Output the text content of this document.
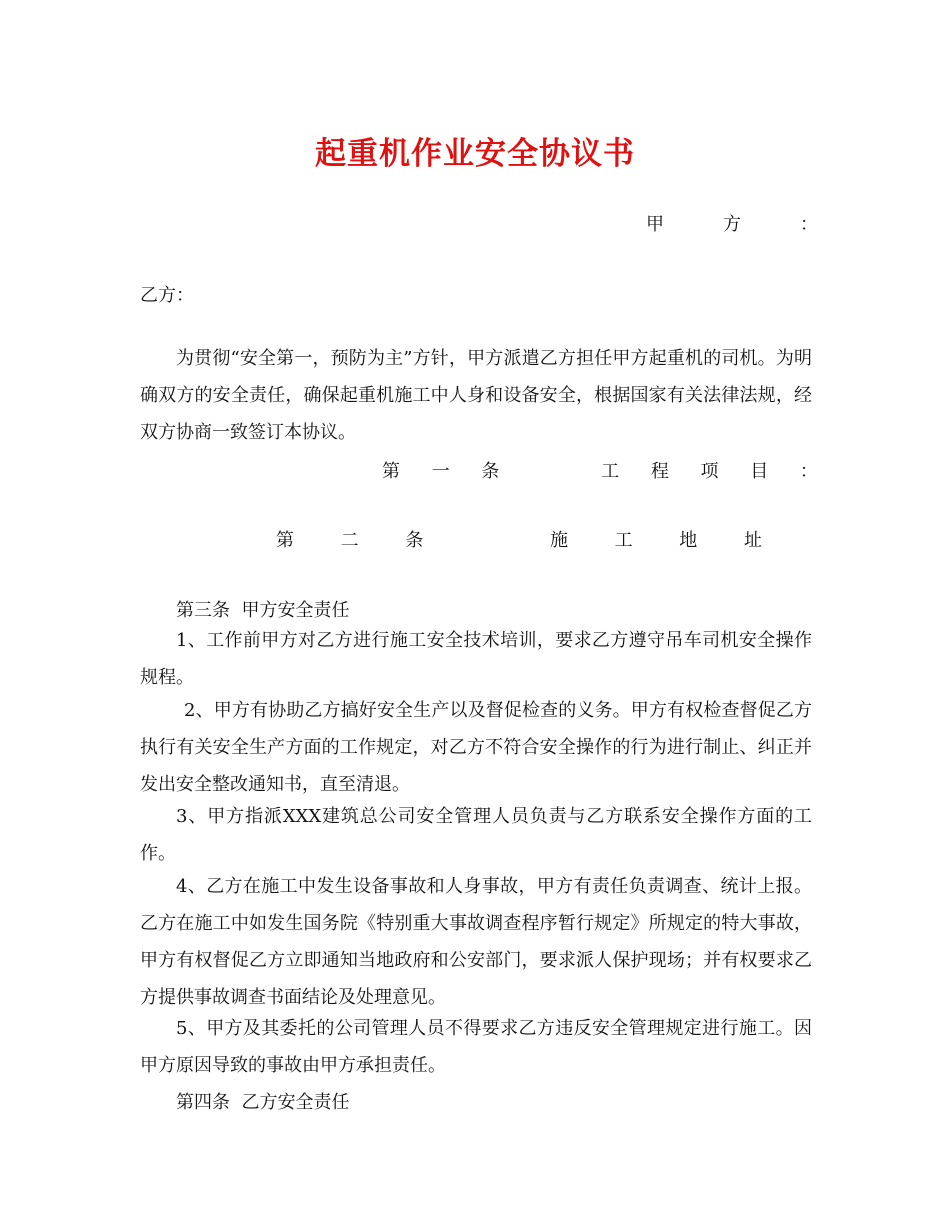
起重机作业安全协议书
甲	方	：
乙方：
为贯彻“安全第一，预防为主”方针，甲方派遣乙方担任甲方起重机的司机。为明确双方的安全责任，确保起重机施工中人身和设备安全，根据国家有关法律法规，经双方协商一致签订本协议。
第 一 条	工 程 项 目 ：
第	二	条	施	工	地	址
第三条  甲方安全责任
1、工作前甲方对乙方进行施工安全技术培训，要求乙方遵守吊车司机安全操作规程。
2、甲方有协助乙方搞好安全生产以及督促检查的义务。甲方有权检查督促乙方执行有关安全生产方面的工作规定，对乙方不符合安全操作的行为进行制止、纠正并发出安全整改通知书，直至清退。
3、甲方指派XXX建筑总公司安全管理人员负责与乙方联系安全操作方面的工作。
4、乙方在施工中发生设备事故和人身事故，甲方有责任负责调查、统计上报。乙方在施工中如发生国务院《特别重大事故调查程序暂行规定》所规定的特大事故，甲方有权督促乙方立即通知当地政府和公安部门，要求派人保护现场；并有权要求乙方提供事故调查书面结论及处理意见。
5、甲方及其委托的公司管理人员不得要求乙方违反安全管理规定进行施工。因甲方原因导致的事故由甲方承担责任。
第四条  乙方安全责任
